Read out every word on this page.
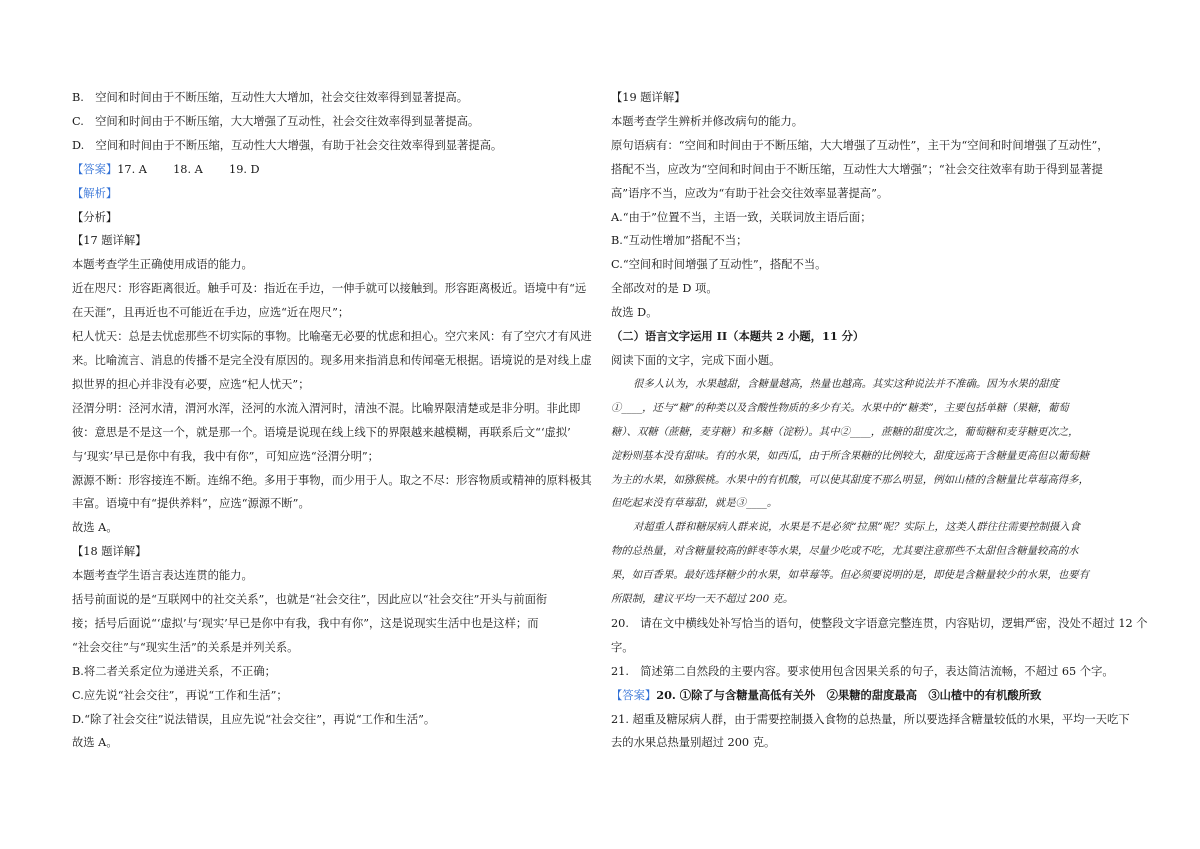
B.　空间和时间由于不断压缩，互动性大大增加，社会交往效率得到显著提高。

C.　空间和时间由于不断压缩，大大增强了互动性，社会交往效率得到显著提高。

D.　空间和时间由于不断压缩，互动性大大增强，有助于社会交往效率得到显著提高。

【答案】17. A　　 18. A　　 19. D

【解析】

【分析】

【17 题详解】

本题考查学生正确使用成语的能力。

近在咫尺：形容距离很近。触手可及：指近在手边，一伸手就可以接触到。形容距离极近。语境中有“远

在天涯”，且再近也不可能近在手边，应选“近在咫尺”；

杞人忧天：总是去忧虑那些不切实际的事物。比喻毫无必要的忧虑和担心。空穴来风：有了空穴才有风进

来。比喻流言、消息的传播不是完全没有原因的。现多用来指消息和传闻毫无根据。语境说的是对线上虚

拟世界的担心并非没有必要，应选“杞人忧天”；

泾渭分明：泾河水清，渭河水浑，泾河的水流入渭河时，清浊不混。比喻界限清楚或是非分明。非此即

彼：意思是不是这一个，就是那一个。语境是说现在线上线下的界限越来越模糊，再联系后文“‘虚拟’

与‘现实’早已是你中有我，我中有你”，可知应选“泾渭分明”；

源源不断：形容接连不断。连绵不绝。多用于事物，而少用于人。取之不尽：形容物质或精神的原料极其

丰富。语境中有“提供养料”，应选“源源不断”。

故选 A。

【18 题详解】

本题考查学生语言表达连贯的能力。

括号前面说的是“互联网中的社交关系”，也就是“社会交往”，因此应以“社会交往”开头与前面衔

接；括号后面说“‘虚拟’与‘现实’早已是你中有我，我中有你”，这是说现实生活中也是这样；而

“社会交往”与“现实生活”的关系是并列关系。

B.将二者关系定位为递进关系，不正确；

C.应先说“社会交往”，再说“工作和生活”；

D.“除了社会交往”说法错误，且应先说“社会交往”，再说“工作和生活”。

故选 A。

【19 题详解】

本题考查学生辨析并修改病句的能力。

原句语病有：“空间和时间由于不断压缩，大大增强了互动性”，主干为“空间和时间增强了互动性”，

搭配不当，应改为“空间和时间由于不断压缩，互动性大大增强”；“社会交往效率有助于得到显著提

高”语序不当，应改为“有助于社会交往效率显著提高”。

A.“由于”位置不当，主语一致，关联词放主语后面；

B.“互动性增加”搭配不当；

C.“空间和时间增强了互动性”，搭配不当。

全部改对的是 D 项。

故选 D。

（二）语言文字运用 II（本题共 2 小题，11 分）

阅读下面的文字，完成下面小题。

很多人认为，水果越甜，含糖量越高，热量也越高。其实这种说法并不准确。因为水果的甜度

①____，还与“糖”的种类以及含酸性物质的多少有关。水果中的“糖类”，主要包括单糖（果糖，葡萄

糖）、双糖（蔗糖，麦芽糖）和多糖（淀粉）。其中②____，蔗糖的甜度次之，葡萄糖和麦芽糖更次之，

淀粉则基本没有甜味。有的水果，如西瓜，由于所含果糖的比例较大，甜度远高于含糖量更高但以葡萄糖

为主的水果，如猕猴桃。水果中的有机酸，可以使其甜度不那么明显，例如山楂的含糖量比草莓高得多，

但吃起来没有草莓甜，就是③____。

对超重人群和糖尿病人群来说，水果是不是必须“拉黑”呢？实际上，这类人群往往需要控制摄入食

物的总热量，对含糖量较高的鲜枣等水果，尽量少吃或不吃，尤其要注意那些不太甜但含糖量较高的水

果，如百香果。最好选择糖少的水果，如草莓等。但必须要说明的是，即使是含糖量较少的水果，也要有

所限制，建议平均一天不超过 200 克。

20.　请在文中横线处补写恰当的语句，使整段文字语意完整连贯，内容贴切，逻辑严密，没处不超过 12 个

字。

21.　简述第二自然段的主要内容。要求使用包含因果关系的句子，表达简洁流畅，不超过 65 个字。

【答案】20. ①除了与含糖量高低有关外　②果糖的甜度最高　③山楂中的有机酸所致

21. 超重及糖尿病人群，由于需要控制摄入食物的总热量，所以要选择含糖量较低的水果，平均一天吃下

去的水果总热量别超过 200 克。
